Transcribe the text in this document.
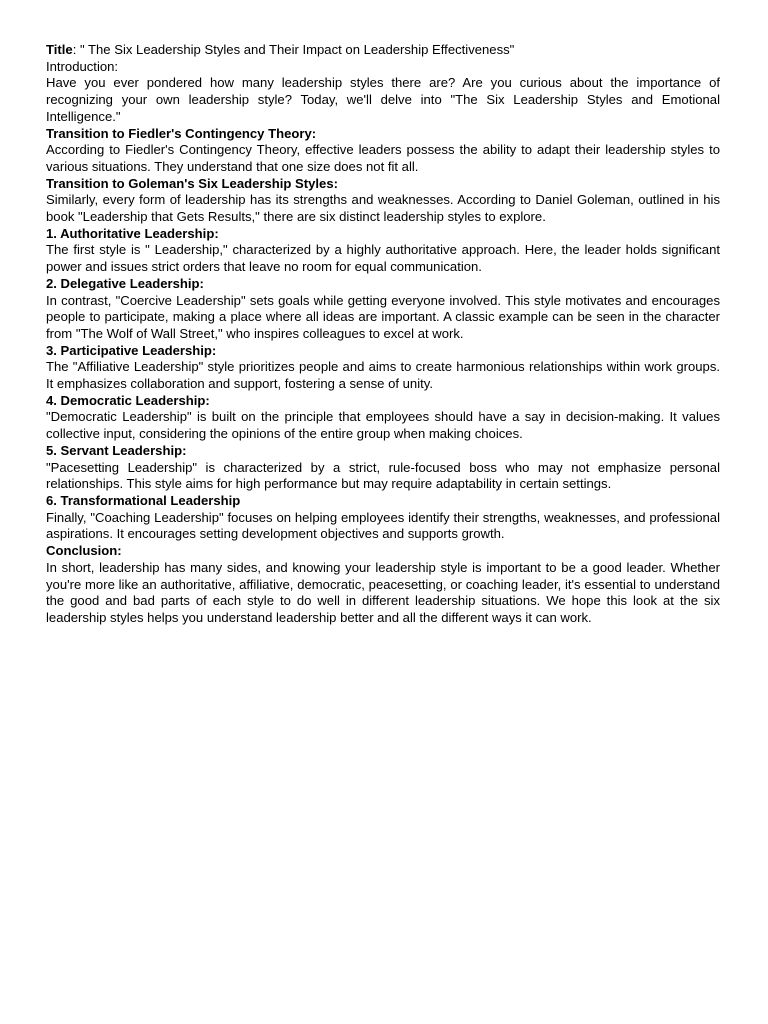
Title: " The Six Leadership Styles and Their Impact on Leadership Effectiveness"
Introduction:

Have you ever pondered how many leadership styles there are? Are you curious about the importance of recognizing your own leadership style? Today, we'll delve into "The Six Leadership Styles and Emotional Intelligence."

Transition to Fiedler's Contingency Theory:

According to Fiedler's Contingency Theory, effective leaders possess the ability to adapt their leadership styles to various situations. They understand that one size does not fit all.

Transition to Goleman's Six Leadership Styles:

Similarly, every form of leadership has its strengths and weaknesses. According to Daniel Goleman, outlined in his book "Leadership that Gets Results," there are six distinct leadership styles to explore.

1. Authoritative Leadership:

The first style is " Leadership," characterized by a highly authoritative approach. Here, the leader holds significant power and issues strict orders that leave no room for equal communication.

2. Delegative Leadership:

In contrast, "Coercive Leadership" sets goals while getting everyone involved. This style motivates and encourages people to participate, making a place where all ideas are important. A classic example can be seen in the character from "The Wolf of Wall Street," who inspires colleagues to excel at work.

3. Participative Leadership:

The "Affiliative Leadership" style prioritizes people and aims to create harmonious relationships within work groups. It emphasizes collaboration and support, fostering a sense of unity.

4. Democratic Leadership:

"Democratic Leadership" is built on the principle that employees should have a say in decision-making. It values collective input, considering the opinions of the entire group when making choices.

5. Servant Leadership:

"Pacesetting Leadership" is characterized by a strict, rule-focused boss who may not emphasize personal relationships. This style aims for high performance but may require adaptability in certain settings.

6. Transformational Leadership

Finally, "Coaching Leadership" focuses on helping employees identify their strengths, weaknesses, and professional aspirations. It encourages setting development objectives and supports growth.

Conclusion:

In short, leadership has many sides, and knowing your leadership style is important to be a good leader. Whether you're more like an authoritative, affiliative, democratic, peacesetting, or coaching leader, it's essential to understand the good and bad parts of each style to do well in different leadership situations. We hope this look at the six leadership styles helps you understand leadership better and all the different ways it can work.
